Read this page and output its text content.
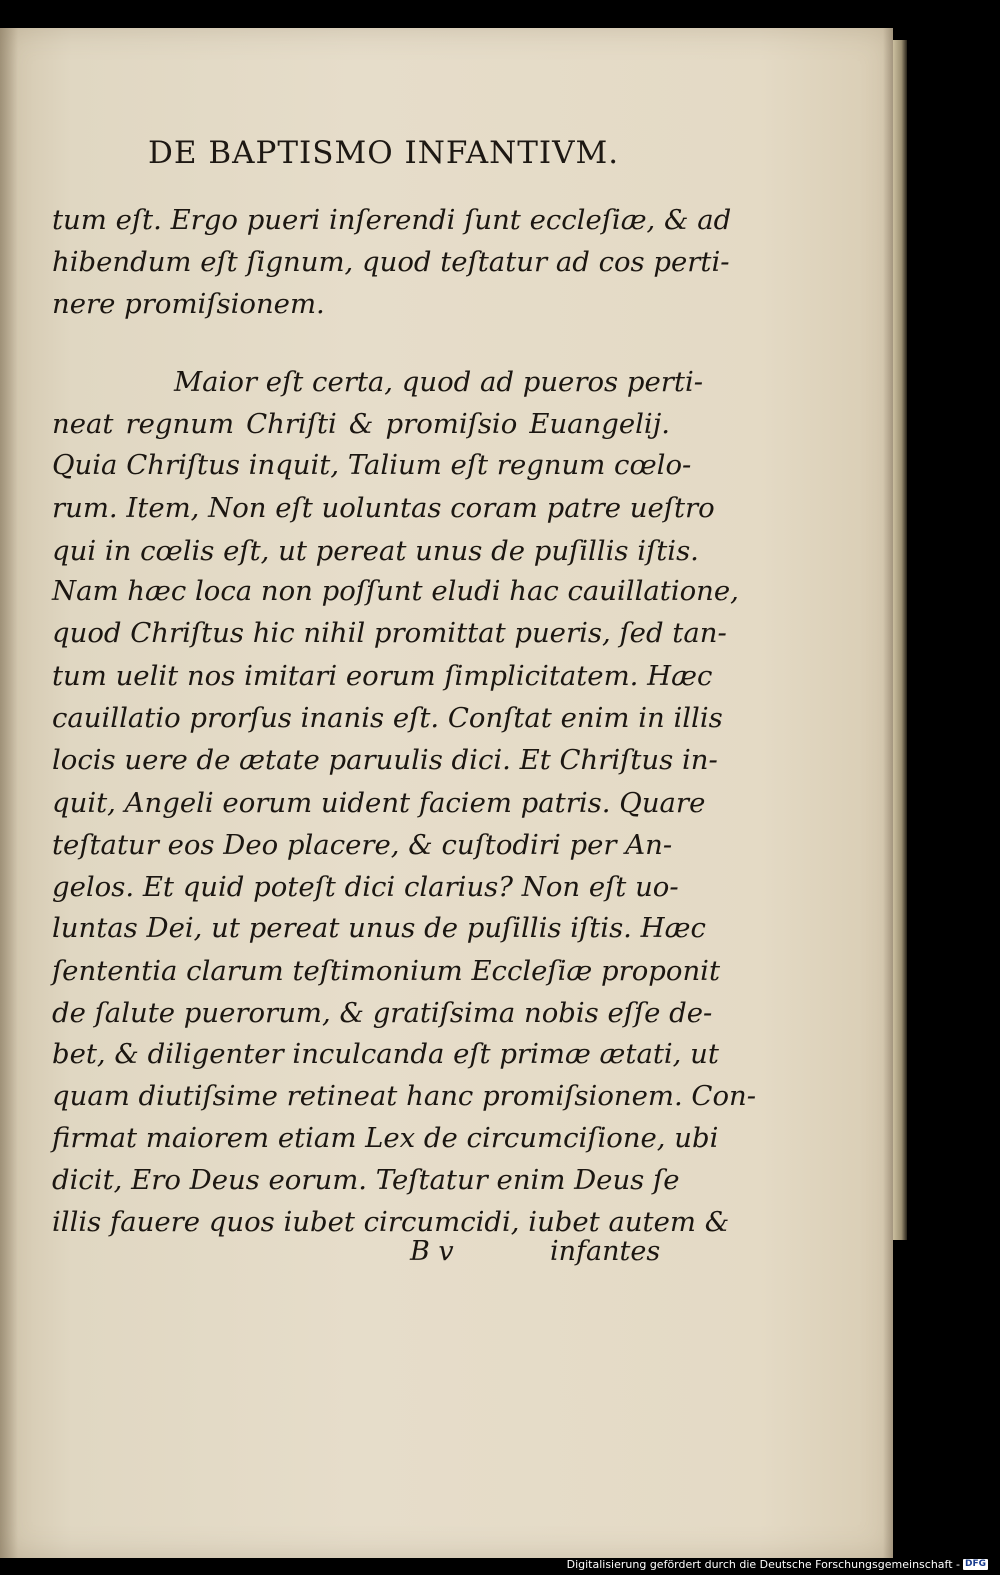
DE BAPTISMO INFANTIVM.
tum eſt. Ergo pueri inſerendi ſunt eccleſiæ, & ad
hibendum eſt ſignum, quod teſtatur ad cos perti-
nere promiſsionem.
Maior eſt certa, quod ad pueros perti-
neat regnum Chriſti & promiſsio Euangelij.
Quia Chriſtus inquit, Talium eſt regnum cœlo-
rum. Item, Non eſt uoluntas coram patre ueſtro
qui in cœlis eſt, ut pereat unus de puſillis iſtis.
Nam hæc loca non poſſunt eludi hac cauillatione,
quod Chriſtus hic nihil promittat pueris, ſed tan-
tum uelit nos imitari eorum ſimplicitatem. Hæc
cauillatio prorſus inanis eſt. Conſtat enim in illis
locis uere de ætate paruulis dici. Et Chriſtus in-
quit, Angeli eorum uident faciem patris. Quare
teſtatur eos Deo placere, & cuſtodiri per An-
gelos. Et quid poteſt dici clarius? Non eſt uo-
luntas Dei, ut pereat unus de puſillis iſtis. Hæc
ſententia clarum teſtimonium Eccleſiæ proponit
de ſalute puerorum, & gratiſsima nobis eſſe de-
bet, & diligenter inculcanda eſt primæ ætati, ut
quam diutiſsime retineat hanc promiſsionem. Con-
firmat maiorem etiam Lex de circumciſione, ubi
dicit, Ero Deus eorum. Teſtatur enim Deus ſe
illis fauere quos iubet circumcidi, iubet autem &
B v	infantes
Digitalisierung gefördert durch die Deutsche Forschungsgemeinschaft - DFG
